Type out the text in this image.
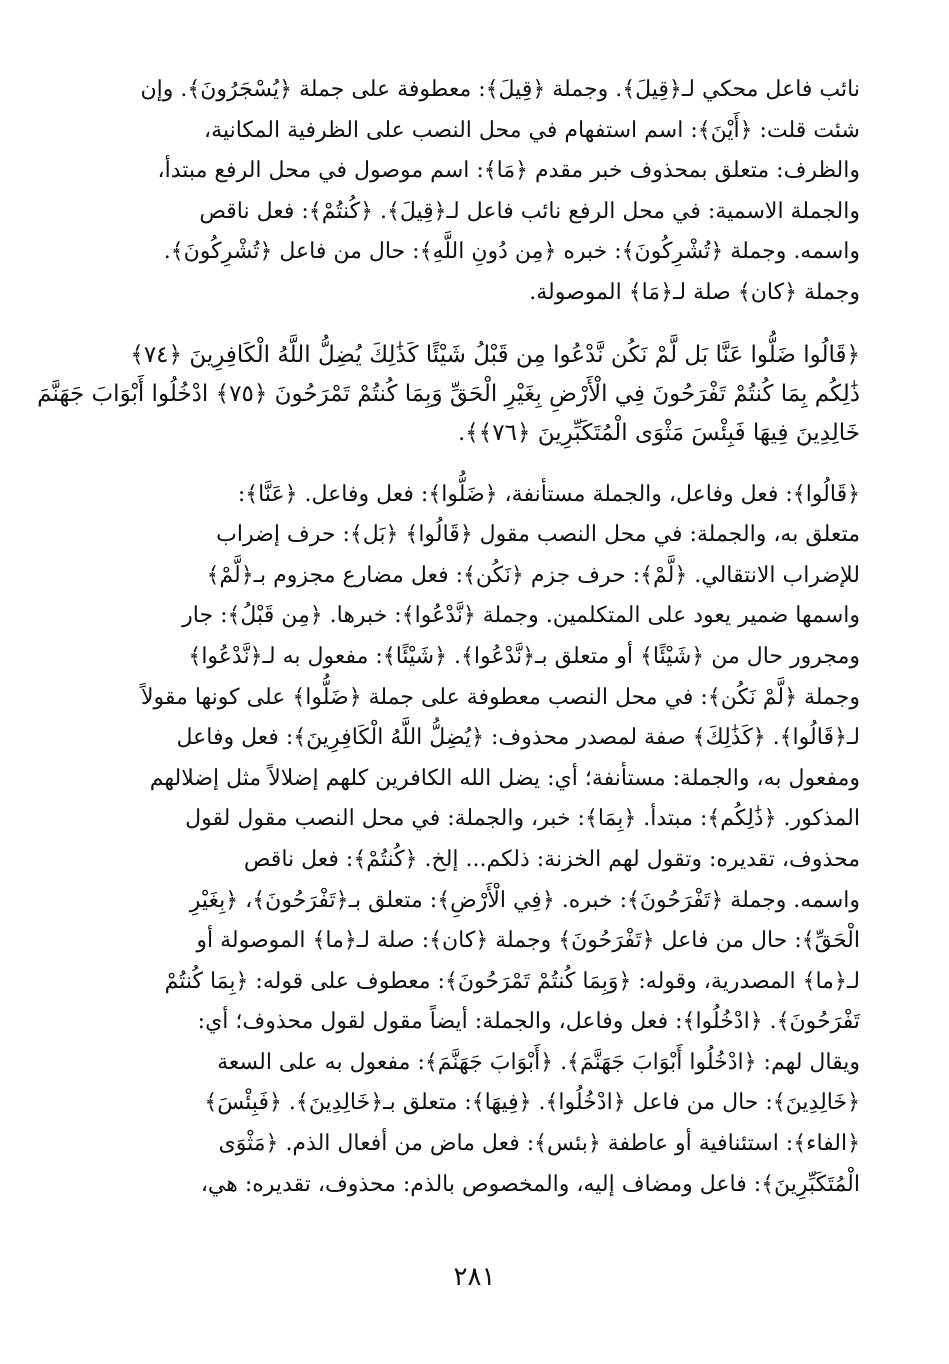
نائب فاعل محكي لـ﴿قِيلَ﴾. وجملة ﴿قِيلَ﴾: معطوفة على جملة ﴿يُسْجَرُونَ﴾. وإن
شئت قلت: ﴿أَيْنَ﴾: اسم استفهام في محل النصب على الظرفية المكانية،
والظرف: متعلق بمحذوف خبر مقدم ﴿مَا﴾: اسم موصول في محل الرفع مبتدأ،
والجملة الاسمية: في محل الرفع نائب فاعل لـ﴿قِيلَ﴾. ﴿كُنتُمْ﴾: فعل ناقص
واسمه. وجملة ﴿تُشْرِكُونَ﴾: خبره ﴿مِن دُونِ اللَّهِ﴾: حال من فاعل ﴿تُشْرِكُونَ﴾.
وجملة ﴿كان﴾ صلة لـ﴿مَا﴾ الموصولة.
﴿قَالُوا ضَلُّوا عَنَّا بَل لَّمْ نَكُن نَّدْعُوا مِن قَبْلُ شَيْئًا كَذَٰلِكَ يُضِلُّ اللَّهُ الْكَافِرِينَ ﴿٧٤﴾
ذَٰلِكُم بِمَا كُنتُمْ تَفْرَحُونَ فِي الْأَرْضِ بِغَيْرِ الْحَقِّ وَبِمَا كُنتُمْ تَمْرَحُونَ ﴿٧٥﴾ ادْخُلُوا أَبْوَابَ جَهَنَّمَ
خَالِدِينَ فِيهَا فَبِئْسَ مَثْوَى الْمُتَكَبِّرِينَ ﴿٧٦﴾﴾.
﴿قَالُوا﴾: فعل وفاعل، والجملة مستأنفة، ﴿ضَلُّوا﴾: فعل وفاعل. ﴿عَنَّا﴾:
متعلق به، والجملة: في محل النصب مقول ﴿قَالُوا﴾ ﴿بَل﴾: حرف إضراب
للإضراب الانتقالي. ﴿لَّمْ﴾: حرف جزم ﴿نَكُن﴾: فعل مضارع مجزوم بـ﴿لَّمْ﴾
واسمها ضمير يعود على المتكلمين. وجملة ﴿نَّدْعُوا﴾: خبرها. ﴿مِن قَبْلُ﴾: جار
ومجرور حال من ﴿شَيْئًا﴾ أو متعلق بـ﴿نَّدْعُوا﴾. ﴿شَيْئًا﴾: مفعول به لـ﴿نَّدْعُوا﴾
وجملة ﴿لَّمْ نَكُن﴾: في محل النصب معطوفة على جملة ﴿ضَلُّوا﴾ على كونها مقولاً
لـ﴿قَالُوا﴾. ﴿كَذَٰلِكَ﴾ صفة لمصدر محذوف: ﴿يُضِلُّ اللَّهُ الْكَافِرِينَ﴾: فعل وفاعل
ومفعول به، والجملة: مستأنفة؛ أي: يضل الله الكافرين كلهم إضلالاً مثل إضلالهم
المذكور. ﴿ذَٰلِكُم﴾: مبتدأ. ﴿بِمَا﴾: خبر، والجملة: في محل النصب مقول لقول
محذوف، تقديره: وتقول لهم الخزنة: ذلكم... إلخ. ﴿كُنتُمْ﴾: فعل ناقص
واسمه. وجملة ﴿تَفْرَحُونَ﴾: خبره. ﴿فِي الْأَرْضِ﴾: متعلق بـ﴿تَفْرَحُونَ﴾، ﴿بِغَيْرِ
الْحَقِّ﴾: حال من فاعل ﴿تَفْرَحُونَ﴾ وجملة ﴿كان﴾: صلة لـ﴿ما﴾ الموصولة أو
لـ﴿ما﴾ المصدرية، وقوله: ﴿وَبِمَا كُنتُمْ تَمْرَحُونَ﴾: معطوف على قوله: ﴿بِمَا كُنتُمْ
تَفْرَحُونَ﴾. ﴿ادْخُلُوا﴾: فعل وفاعل، والجملة: أيضاً مقول لقول محذوف؛ أي:
ويقال لهم: ﴿ادْخُلُوا أَبْوَابَ جَهَنَّمَ﴾. ﴿أَبْوَابَ جَهَنَّمَ﴾: مفعول به على السعة
﴿خَالِدِينَ﴾: حال من فاعل ﴿ادْخُلُوا﴾. ﴿فِيهَا﴾: متعلق بـ﴿خَالِدِينَ﴾. ﴿فَبِئْسَ﴾
﴿الفاء﴾: استئنافية أو عاطفة ﴿بئس﴾: فعل ماض من أفعال الذم. ﴿مَثْوَى
الْمُتَكَبِّرِينَ﴾: فاعل ومضاف إليه، والمخصوص بالذم: محذوف، تقديره: هي،
٢٨١
